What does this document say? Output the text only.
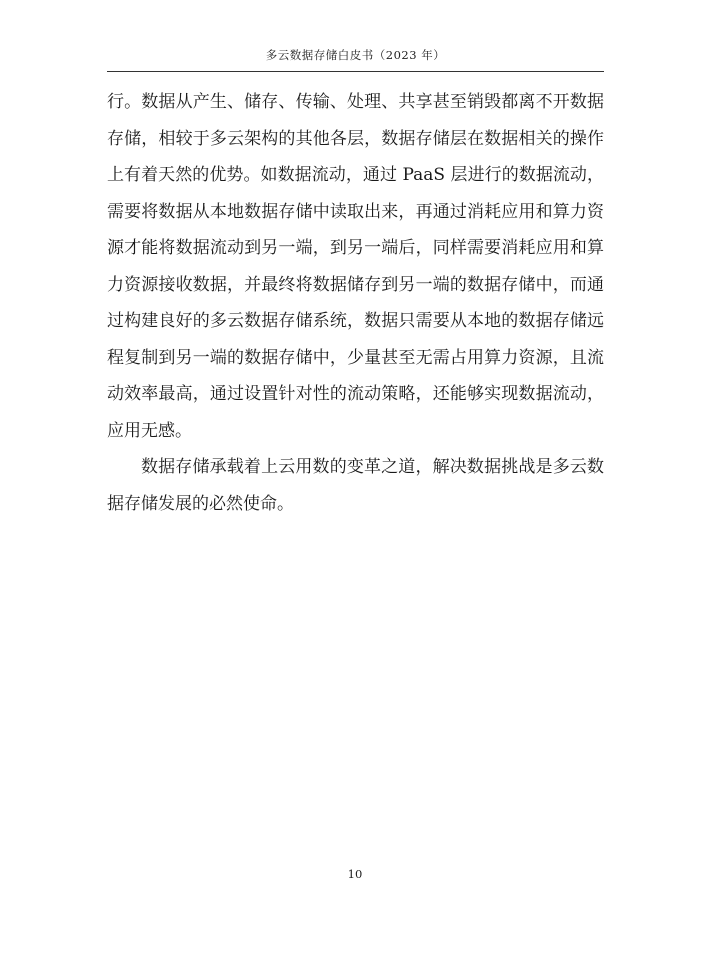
多云数据存储白皮书（2023 年）

行。数据从产生、储存、传输、处理、共享甚至销毁都离不开数据存储，相较于多云架构的其他各层，数据存储层在数据相关的操作上有着天然的优势。如数据流动，通过 PaaS 层进行的数据流动，需要将数据从本地数据存储中读取出来，再通过消耗应用和算力资源才能将数据流动到另一端，到另一端后，同样需要消耗应用和算力资源接收数据，并最终将数据储存到另一端的数据存储中，而通过构建良好的多云数据存储系统，数据只需要从本地的数据存储远程复制到另一端的数据存储中，少量甚至无需占用算力资源，且流动效率最高，通过设置针对性的流动策略，还能够实现数据流动，应用无感。

数据存储承载着上云用数的变革之道，解决数据挑战是多云数据存储发展的必然使命。

10
